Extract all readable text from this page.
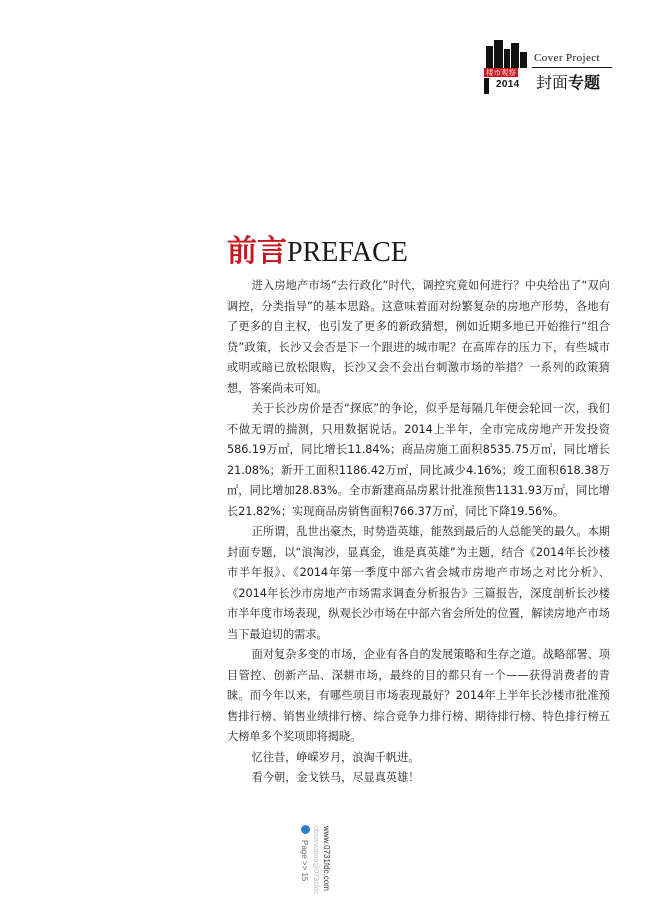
楼市观察
2014
Cover Project
封面专题
前言PREFACE

进入房地产市场“去行政化”时代，调控究竟如何进行？中央给出了“双向调控，分类指导”的基本思路。这意味着面对纷繁复杂的房地产形势，各地有了更多的自主权，也引发了更多的新政猜想，例如近期多地已开始推行“组合贷”政策，长沙又会否是下一个跟进的城市呢？在高库存的压力下，有些城市或明或暗已放松限购，长沙又会不会出台刺激市场的举措？一系列的政策猜想，答案尚未可知。

关于长沙房价是否“探底”的争论，似乎是每隔几年便会轮回一次，我们不做无谓的揣测，只用数据说话。2014上半年，全市完成房地产开发投资586.19万㎡，同比增长11.84%；商品房施工面积8535.75万㎡，同比增长21.08%；新开工面积1186.42万㎡，同比减少4.16%；竣工面积618.38万㎡，同比增加28.83%。全市新建商品房累计批准预售1131.93万㎡，同比增长21.82%；实现商品房销售面积766.37万㎡，同比下降19.56%。

正所谓，乱世出豪杰，时势造英雄，能熬到最后的人总能笑的最久。本期封面专题，以“浪淘沙，显真金，谁是真英雄”为主题，结合《2014年长沙楼市半年报》、《2014年第一季度中部六省会城市房地产市场之对比分析》、《2014年长沙市房地产市场需求调查分析报告》三篇报告，深度剖析长沙楼市半年度市场表现，纵观长沙市场在中部六省会所处的位置，解读房地产市场当下最迫切的需求。

面对复杂多变的市场，企业有各自的发展策略和生存之道。战略部署、项目管控、创新产品、深耕市场，最终的目的都只有一个——获得消费者的青睐。而今年以来，有哪些项目市场表现最好？2014年上半年长沙楼市批准预售排行榜、销售业绩排行榜、综合竞争力排行榜、期待排行榜、特色排行榜五大榜单多个奖项即将揭晓。

忆往昔，峥嵘岁月，浪淘千帆进。

看今朝，金戈铁马，尽显真英雄！

Page >> 15 observation@0731fdc www.0731fdc.com
